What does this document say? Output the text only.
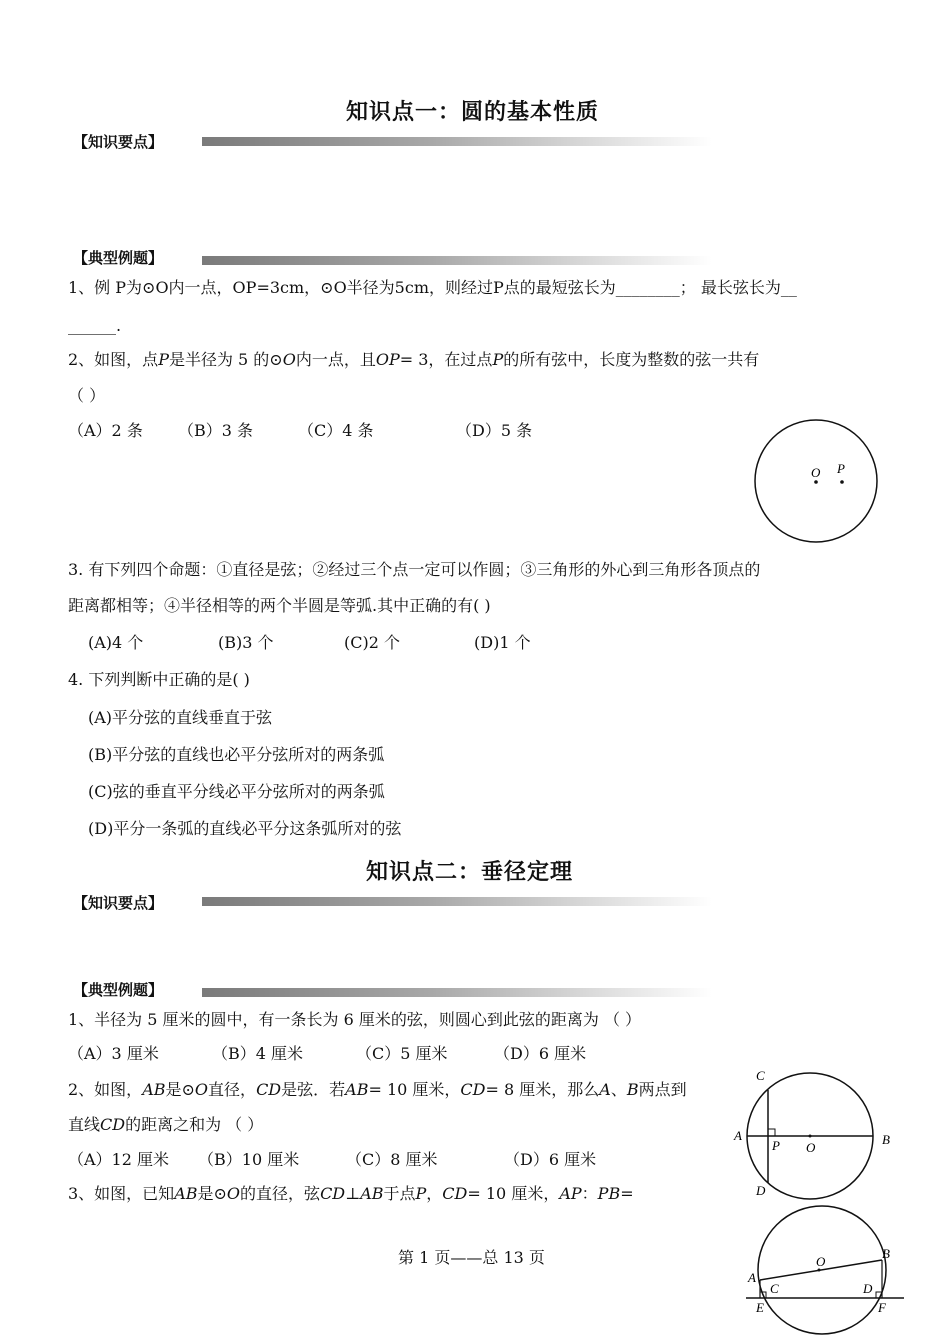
知识点一：圆的基本性质
【知识要点】
【典型例题】
1、例 P为⊙O内一点，OP=3cm，⊙O半径为5cm，则经过P点的最短弦长为________； 最长弦长为__
______.
2、如图，点P是半径为 5 的⊙O内一点，且OP= 3，在过点P的所有弦中，长度为整数的弦一共有
（ ）
（A）2 条 （B）3 条	（C）4 条	（D）5 条
O P
3. 有下列四个命题：①直径是弦；②经过三个点一定可以作圆；③三角形的外心到三角形各顶点的
距离都相等；④半径相等的两个半圆是等弧.其中正确的有( )
(A)4 个	(B)3 个	(C)2 个	(D)1 个
4. 下列判断中正确的是( )
(A)平分弦的直线垂直于弦
(B)平分弦的直线也必平分弦所对的两条弧
(C)弦的垂直平分线必平分弦所对的两条弧
(D)平分一条弧的直线必平分这条弧所对的弦
知识点二：垂径定理
【知识要点】
【典型例题】
1、半径为 5 厘米的圆中，有一条长为 6 厘米的弦，则圆心到此弦的距离为 （ ）
（A）3 厘米	（B）4 厘米	（C）5 厘米	（D）6 厘米
2、如图，AB是⊙O直径，CD是弦．若AB= 10 厘米，CD= 8 厘米，那么A、B两点到
直线CD的距离之和为 （ ）
（A）12 厘米 （B）10 厘米	（C）8 厘米	（D）6 厘米
C
A
P O
B
D
3、如图，已知AB是⊙O的直径，弦CD⊥AB于点P，CD= 10 厘米，AP：PB=
A
C
O
B
D
E	F
第 1 页——总 13 页
